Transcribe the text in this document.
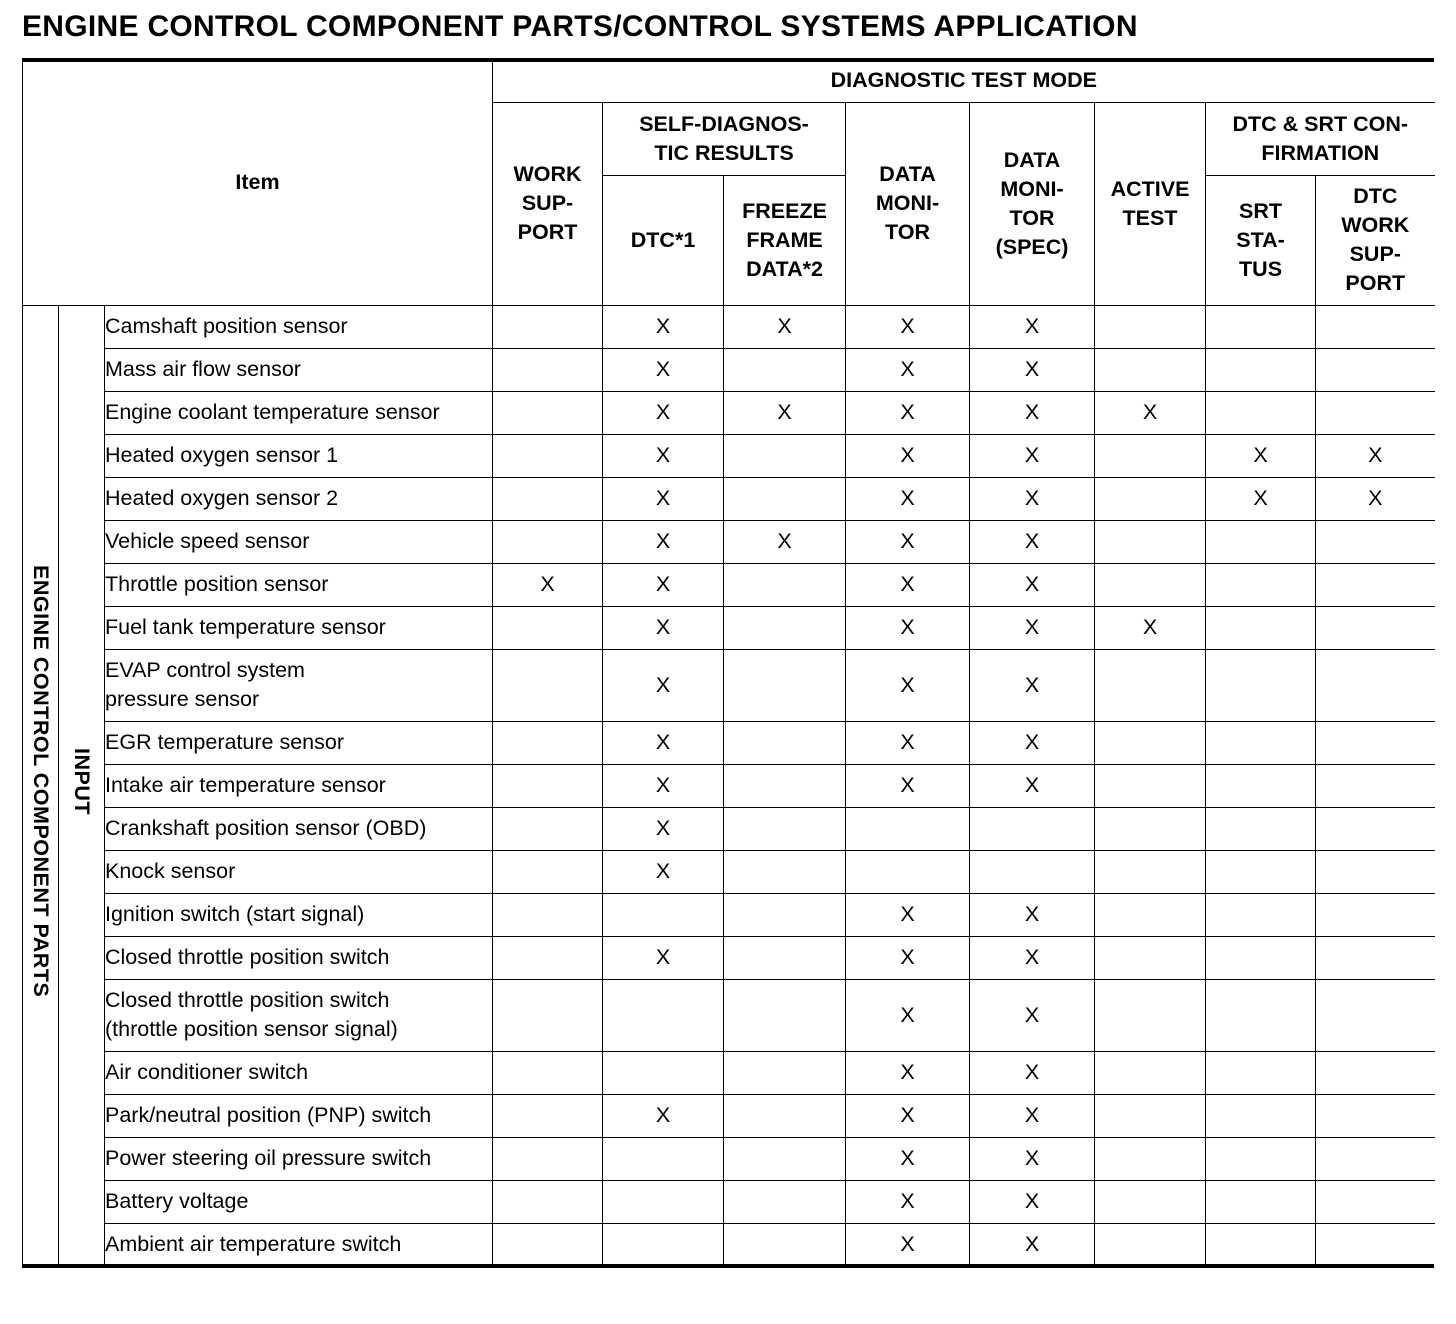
ENGINE CONTROL COMPONENT PARTS/CONTROL SYSTEMS APPLICATION
Item			DIAGNOSTIC TEST MODE							

			WORK SUP- PORT	SELF-DIAGNOS- TIC RESULTS		DATA MONI- TOR	DATA MONI- TOR (SPEC)	ACTIVE TEST	DTC & SRT CON- FIRMATION	

				DTC*1	FREEZE FRAME DATA*2				SRT STA- TUS	DTC WORK SUP- PORT

ENGINE CONTROL COMPONENT PARTS	INPUT	Camshaft position sensor		X	X	X	X			
		Mass air flow sensor		X		X	X			
		Engine coolant temperature sensor		X	X	X	X	X		
		Heated oxygen sensor 1		X		X	X		X	X
		Heated oxygen sensor 2		X		X	X		X	X
		Vehicle speed sensor		X	X	X	X			
		Throttle position sensor	X	X		X	X			
		Fuel tank temperature sensor		X		X	X	X		

		EVAP control system pressure sensor		X		X	X			
		EGR temperature sensor		X		X	X			
		Intake air temperature sensor		X		X	X			
		Crankshaft position sensor (OBD)		X						
		Knock sensor		X						
		Ignition switch (start signal)				X	X			
		Closed throttle position switch		X		X	X			

		Closed throttle position switch (throttle position sensor signal)				X	X			
		Air conditioner switch				X	X			
		Park/neutral position (PNP) switch		X		X	X			
		Power steering oil pressure switch				X	X			
		Battery voltage				X	X			
		Ambient air temperature switch				X	X			
